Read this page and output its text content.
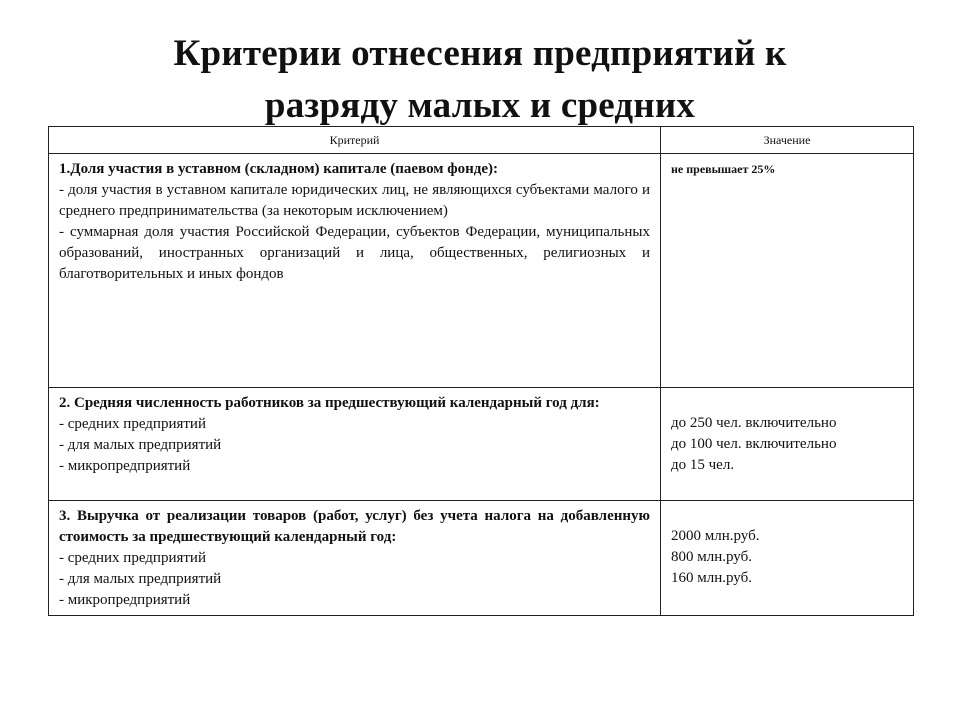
Критерии отнесения предприятий к
разряду малых и средних
Критерий	Значение

1.Доля участия в уставном (складном) капитале (паевом фонде):
- доля участия в уставном капитале юридических лиц, не являющихся субъектами малого и среднего предпринимательства (за некоторым исключением)
- суммарная доля участия Российской Федерации, субъектов Федерации, муниципальных образований, иностранных организаций и лица, общественных, религиозных и благотворительных и иных фондов	не превышает 25%

2. Средняя численность работников за предшествующий календарный год для:
- средних предприятий
- для малых предприятий
- микропредприятий	до 250 чел. включительно
до 100 чел. включительно
до 15 чел.

3. Выручка от реализации товаров (работ, услуг) без учета налога на добавленную стоимость за предшествующий календарный год:
- средних предприятий
- для малых предприятий
- микропредприятий	2000 млн.руб.
800 млн.руб.
160 млн.руб.
